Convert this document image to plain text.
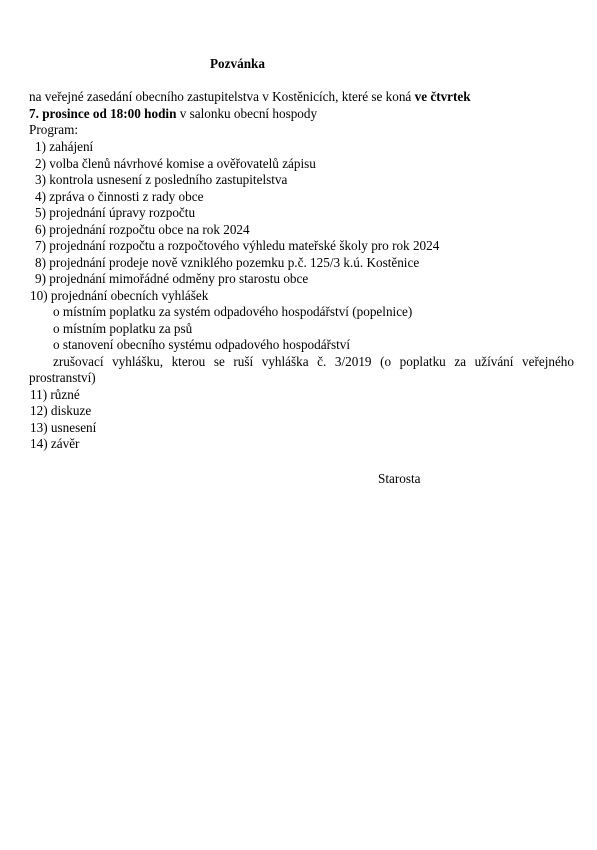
Pozvánka
na veřejné zasedání obecního zastupitelstva v Kostěnicích, které se koná ve čtvrtek
7. prosince od 18:00 hodin v salonku obecní hospody
Program:
1) zahájení
2) volba členů návrhové komise a ověřovatelů zápisu
3) kontrola usnesení z posledního zastupitelstva
4) zpráva o činnosti z rady obce
5) projednání úpravy rozpočtu
6) projednání rozpočtu obce na rok 2024
7) projednání rozpočtu a rozpočtového výhledu mateřské školy pro rok 2024
8) projednání prodeje nově vzniklého pozemku p.č. 125/3 k.ú. Kostěnice
9) projednání mimořádné odměny pro starostu obce
10) projednání obecních vyhlášek
o místním poplatku za systém odpadového hospodářství (popelnice)
o místním poplatku za psů
o stanovení obecního systému odpadového hospodářství
zrušovací vyhlášku, kterou se ruší vyhláška č. 3/2019 (o poplatku za užívání veřejného prostranství)
11) různé
12) diskuze
13) usnesení
14) závěr
Starosta
